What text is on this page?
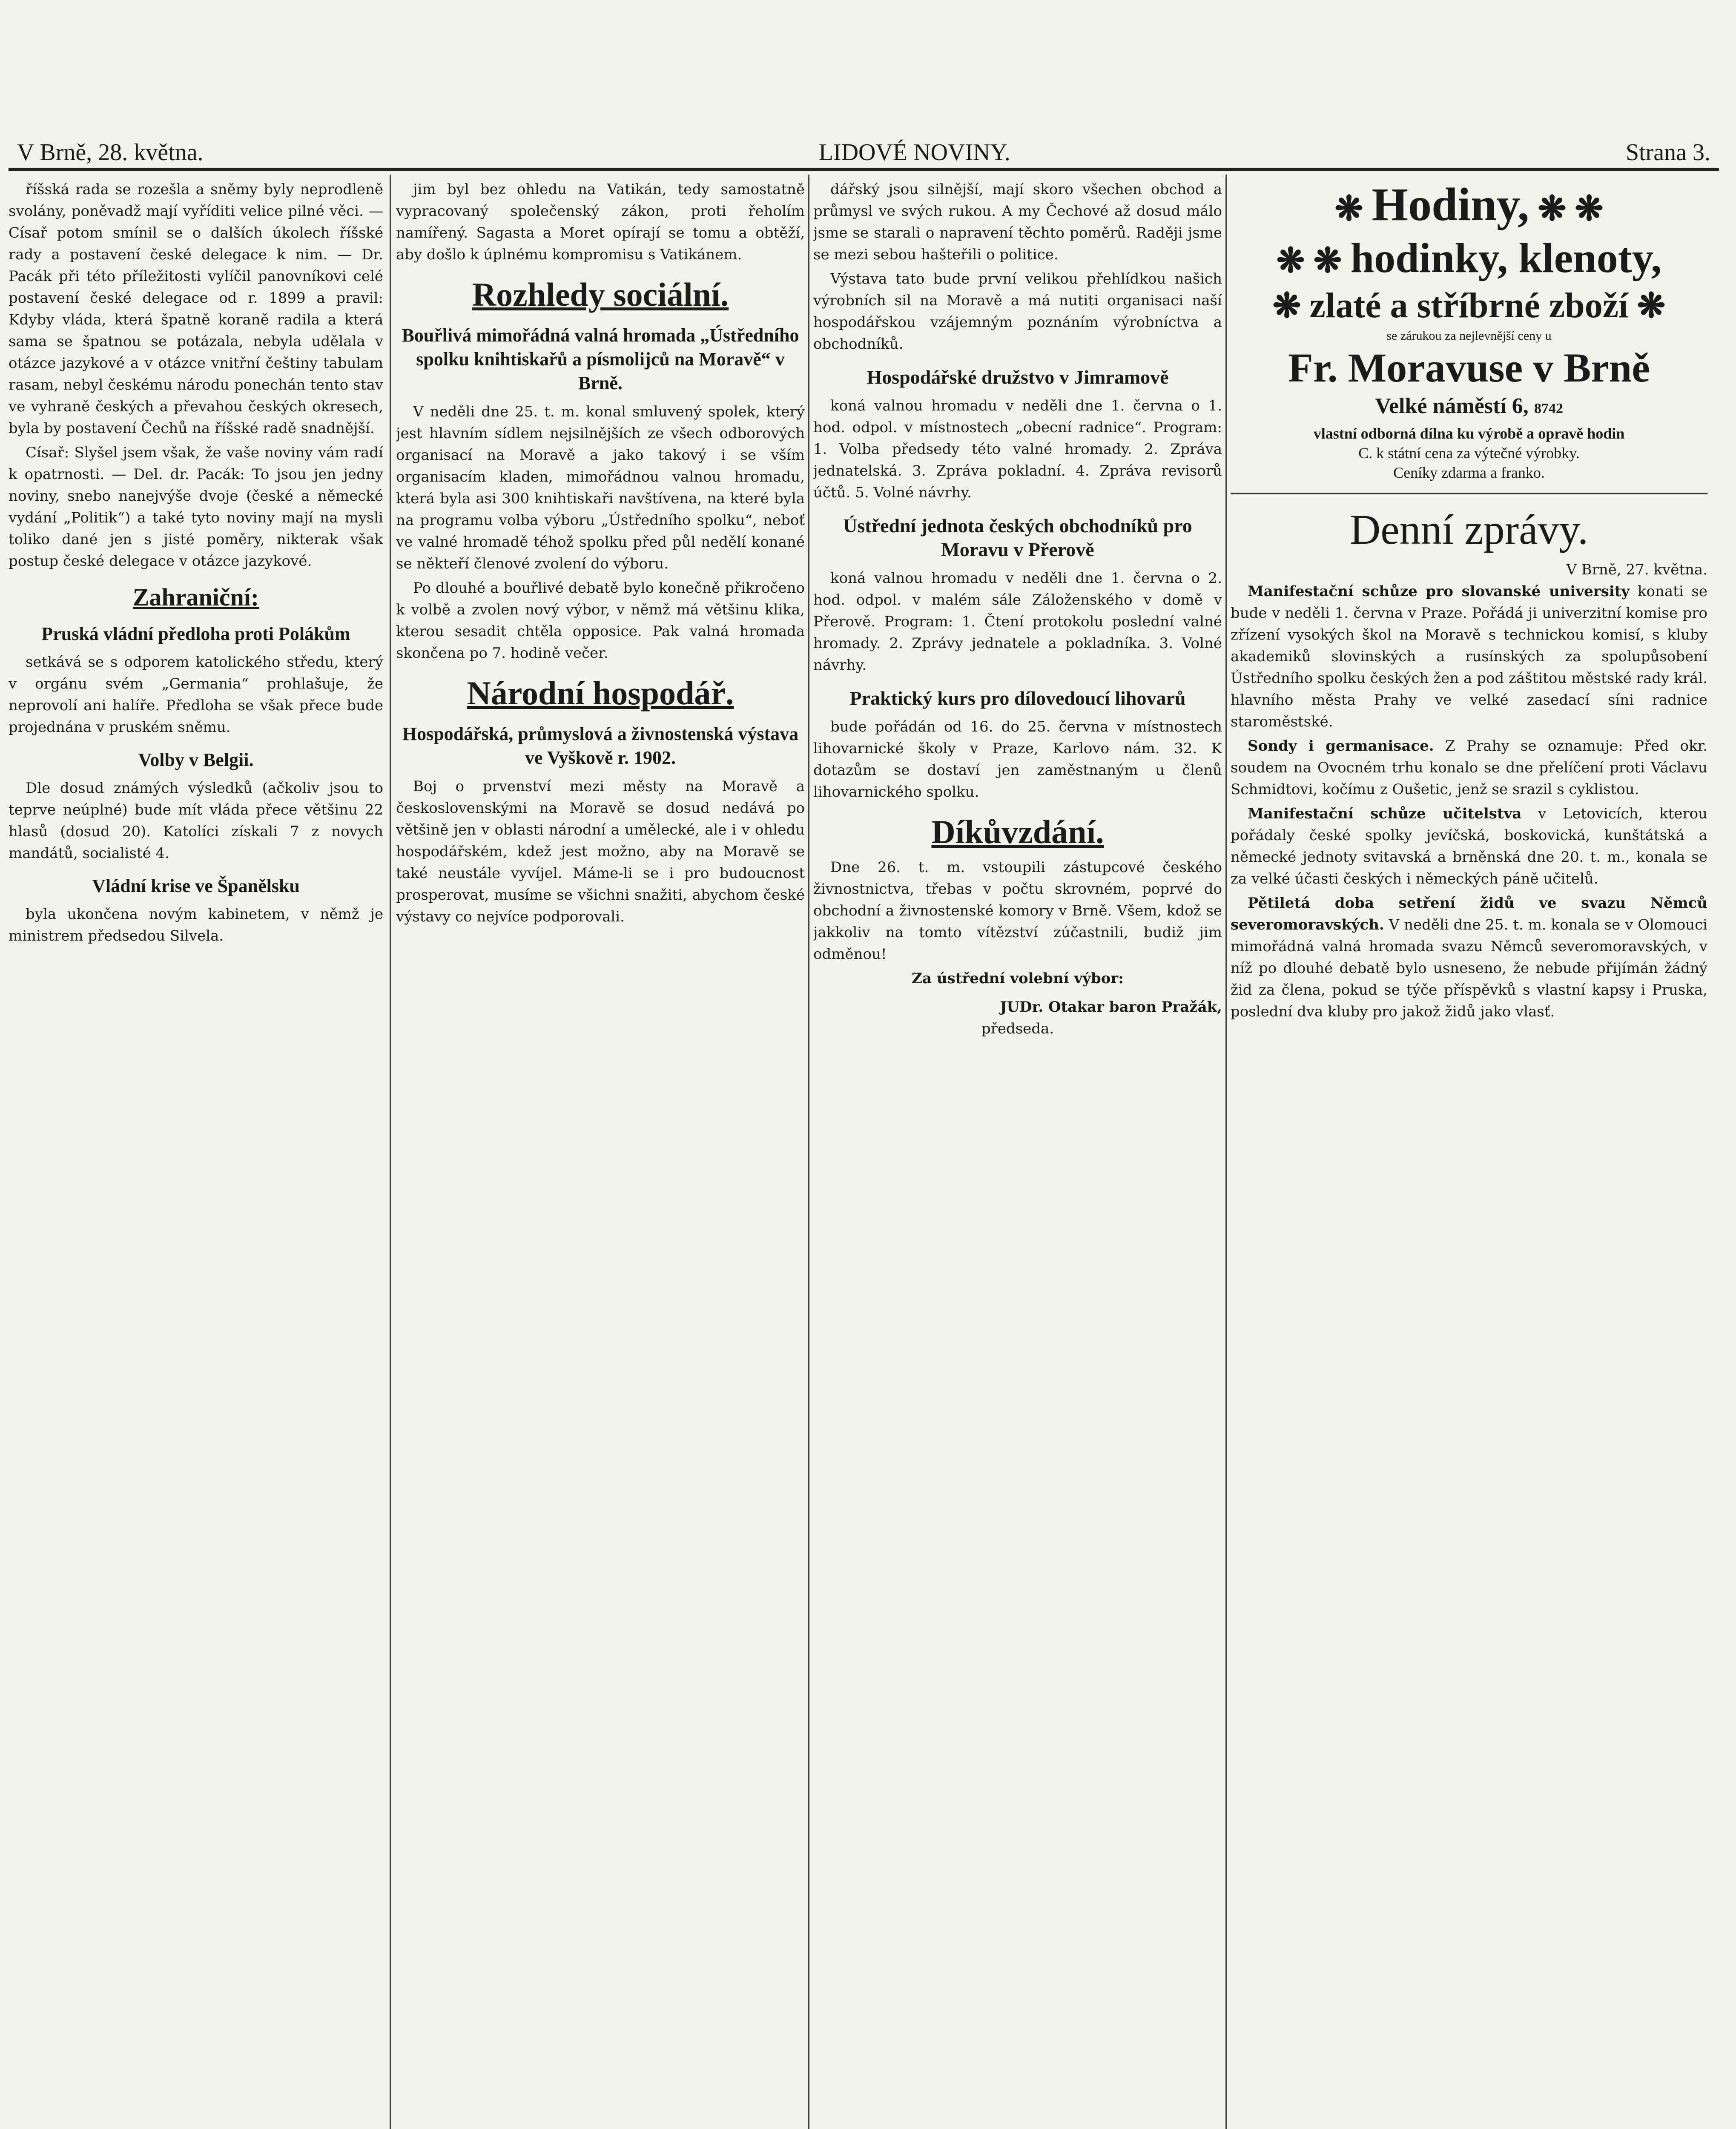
V Brně, 28. května.	LIDOVÉ NOVINY.	Strana 3.

říšská rada se rozešla a sněmy byly neprodleně svolány, poněvadž mají vyříditi velice pilné věci. — Císař potom smínil se o dalších úkolech říšské rady a postavení české delegace k nim. — Dr. Pacák při této příležitosti vylíčil panovníkovi celé postavení české delegace od r. 1899 a pravil: Kdyby vláda, která špatně koraně radila a která sama se špatnou se potázala, nebyla udělala v otázce jazykové a v otázce vnitřní češtiny tabulam rasam, nebyl českému národu ponechán tento stav ve vyhraně českých a převahou českých okresech, byla by postavení Čechů na říšské radě snadnější.

Císař: Slyšel jsem však, že vaše noviny vám radí k opatrnosti. — Del. dr. Pacák: To jsou jen jedny noviny, snebo nanejvýše dvoje (české a německé vydání „Politik“) a také tyto noviny mají na mysli toliko dané jen s jisté poměry, nikterak však postup české delegace v otázce jazykové.

Zahraniční:
Pruská vládní předloha proti Polákům

setkává se s odporem katolického středu, který v orgánu svém „Germania“ prohlašuje, že neprovolí ani halíře. Předloha se však přece bude projednána v pruském sněmu.

Volby v Belgii.

Dle dosud známých výsledků (ačkoliv jsou to teprve neúplné) bude mít vláda přece většinu 22 hlasů (dosud 20). Katolíci získali 7 z novych mandátů, socialisté 4.

Vládní krise ve Španělsku

byla ukončena novým kabinetem, v němž je ministrem předsedou Silvela.

jim byl bez ohledu na Vatikán, tedy samostatně vypracovaný společenský zákon, proti řeholím namířený. Sagasta a Moret opírají se tomu a obtěží, aby došlo k úplnému kompromisu s Vatikánem.

Rozhledy sociální.
Bouřlivá mimořádná valná hromada „Ústředního spolku knihtiskařů a písmolijců na Moravě“ v Brně.

V neděli dne 25. t. m. konal smluvený spolek, který jest hlavním sídlem nejsilnějších ze všech odborových organisací na Moravě a jako takový i se vším organisacím kladen, mimořádnou valnou hromadu, která byla asi 300 knihtiskaři navštívena, na které byla na programu volba výboru „Ústředního spolku“, neboť ve valné hromadě téhož spolku před půl nedělí konané se někteří členové zvolení do výboru.

Po dlouhé a bouřlivé debatě bylo konečně přikročeno k volbě a zvolen nový výbor, v němž má většinu klika, kterou sesadit chtěla opposice. Pak valná hromada skončena po 7. hodině večer.

Národní hospodář.
Hospodářská, průmyslová a živnostenská výstava ve Vyškově r. 1902.

Boj o prvenství mezi městy na Moravě a československými na Moravě se dosud nedává po většině jen v oblasti národní a umělecké, ale i v ohledu hospodářském, kdež jest možno, aby na Moravě se také neustále vyvíjel. Máme-li se i pro budoucnost prosperovat, musíme se všichni snažiti, abychom české výstavy co nejvíce podporovali.

dářský jsou silnější, mají skoro všechen obchod a průmysl ve svých rukou. A my Čechové až dosud málo jsme se starali o napravení těchto poměrů. Raději jsme se mezi sebou hašteřili o politice.

Výstava tato bude první velikou přehlídkou našich výrobních sil na Moravě a má nutiti organisaci naší hospodářskou vzájemným poznáním výrobníctva a obchodníků.

Hospodářské družstvo v Jimramově

koná valnou hromadu v neděli dne 1. června o 1. hod. odpol. v místnostech „obecní radnice“. Program: 1. Volba předsedy této valné hromady. 2. Zpráva jednatelská. 3. Zpráva pokladní. 4. Zpráva revisorů účtů. 5. Volné návrhy.

Ústřední jednota českých obchodníků pro Moravu v Přerově

koná valnou hromadu v neděli dne 1. června o 2. hod. odpol. v malém sále Záloženského v domě v Přerově. Program: 1. Čtení protokolu poslední valné hromady. 2. Zprávy jednatele a pokladníka. 3. Volné návrhy.

Praktický kurs pro dílovedoucí lihovarů

bude pořádán od 16. do 25. června v místnostech lihovarnické školy v Praze, Karlovo nám. 32. K dotazům se dostaví jen zaměstnaným u členů lihovarnického spolku.

Díkůvzdání.

Dne 26. t. m. vstoupili zástupcové českého živnostnictva, třebas v počtu skrovném, poprvé do obchodní a živnostenské komory v Brně. Všem, kdož se jakkoliv na tomto vítězství zúčastnili, budiž jim odměnou!

Za ústřední volební výbor:
JUDr. Otakar baron Pražák,
předseda.
❋ Hodiny, ❋ ❋
❋ ❋ hodinky, klenoty,
❋ zlaté a stříbrné zboží ❋
se zárukou za nejlevnější ceny u
Fr. Moravuse v Brně
Velké náměstí 6, 8742
vlastní odborná dílna ku výrobě a opravě hodin
C. k státní cena za výtečné výrobky.
Ceníky zdarma a franko.
Denní zprávy.
V Brně, 27. května.

Manifestační schůze pro slovanské university konati se bude v neděli 1. června v Praze. Pořádá ji univerzitní komise pro zřízení vysokých škol na Moravě s technickou komisí, s kluby akademiků slovinských a rusínských za spolupůsobení Ústředního spolku českých žen a pod záštitou městské rady král. hlavního města Prahy ve velké zasedací síni radnice staroměstské.

Sondy i germanisace. Z Prahy se oznamuje: Před okr. soudem na Ovocném trhu konalo se dne přelíčení proti Václavu Schmidtovi, kočímu z Oušetic, jenž se srazil s cyklistou.

Manifestační schůze učitelstva v Letovicích, kterou pořádaly české spolky jevíčská, boskovická, kunštátská a německé jednoty svitavská a brněnská dne 20. t. m., konala se za velké účasti českých i německých páně učitelů.

Pětiletá doba setření židů ve svazu Němců severomoravských. V neděli dne 25. t. m. konala se v Olomouci mimořádná valná hromada svazu Němců severomoravských, v níž po dlouhé debatě bylo usneseno, že nebude přijímán žádný žid za člena, pokud se týče příspěvků s vlastní kapsy i Pruska, poslední dva kluby pro jakož židů jako vlasť.
